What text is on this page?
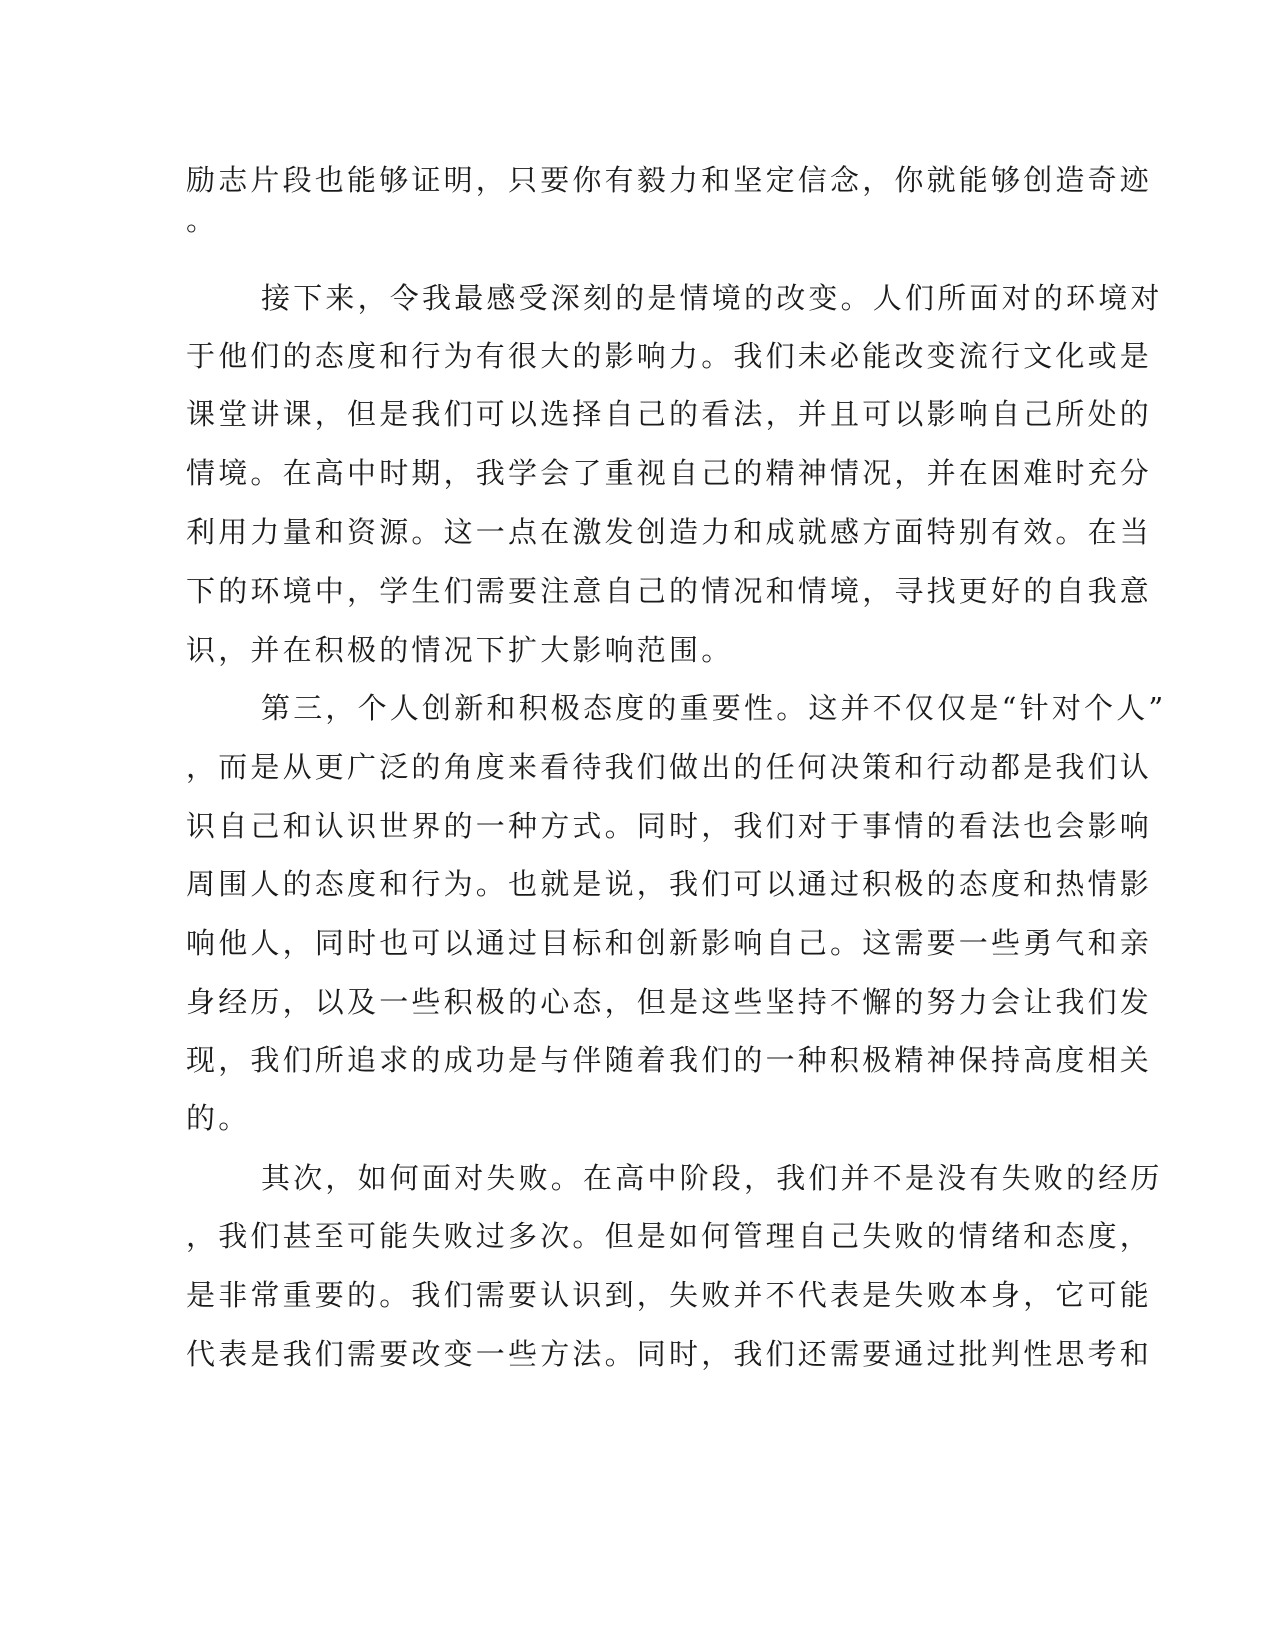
励志片段也能够证明，只要你有毅力和坚定信念，你就能够创造奇迹
。
接下来，令我最感受深刻的是情境的改变。人们所面对的环境对
于他们的态度和行为有很大的影响力。我们未必能改变流行文化或是
课堂讲课，但是我们可以选择自己的看法，并且可以影响自己所处的
情境。在高中时期，我学会了重视自己的精神情况，并在困难时充分
利用力量和资源。这一点在激发创造力和成就感方面特别有效。在当
下的环境中，学生们需要注意自己的情况和情境，寻找更好的自我意
识，并在积极的情况下扩大影响范围。
第三，个人创新和积极态度的重要性。这并不仅仅是“针对个人”
，而是从更广泛的角度来看待我们做出的任何决策和行动都是我们认
识自己和认识世界的一种方式。同时，我们对于事情的看法也会影响
周围人的态度和行为。也就是说，我们可以通过积极的态度和热情影
响他人，同时也可以通过目标和创新影响自己。这需要一些勇气和亲
身经历，以及一些积极的心态，但是这些坚持不懈的努力会让我们发
现，我们所追求的成功是与伴随着我们的一种积极精神保持高度相关
的。
其次，如何面对失败。在高中阶段，我们并不是没有失败的经历
，我们甚至可能失败过多次。但是如何管理自己失败的情绪和态度，
是非常重要的。我们需要认识到，失败并不代表是失败本身，它可能
代表是我们需要改变一些方法。同时，我们还需要通过批判性思考和
